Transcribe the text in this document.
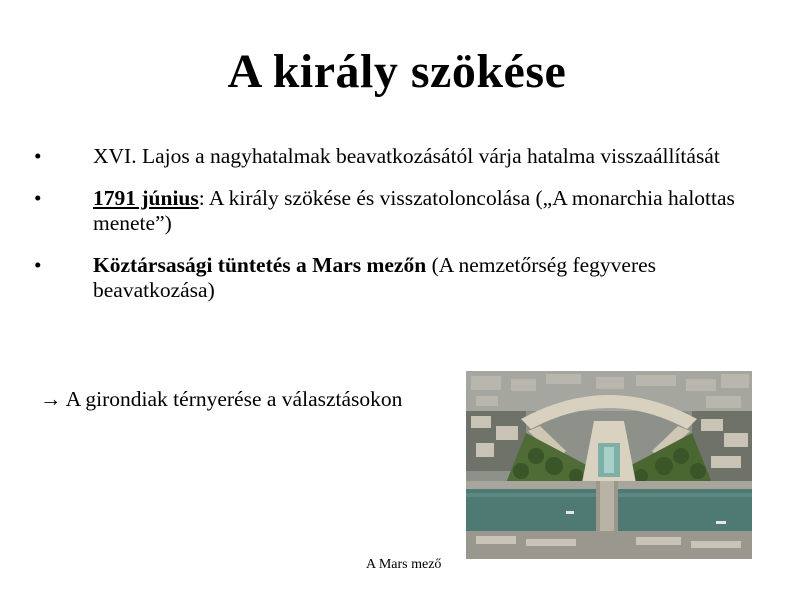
A király szökése
• XVI. Lajos a nagyhatalmak beavatkozásától várja hatalma visszaállítását
• 1791 június: A király szökése és visszatoloncolása („A monarchia halottas menete”)
• Köztársasági tüntetés a Mars mezőn (A nemzetőrség fegyveres beavatkozása)
→ A girondiak térnyerése a választásokon
A Mars mező
